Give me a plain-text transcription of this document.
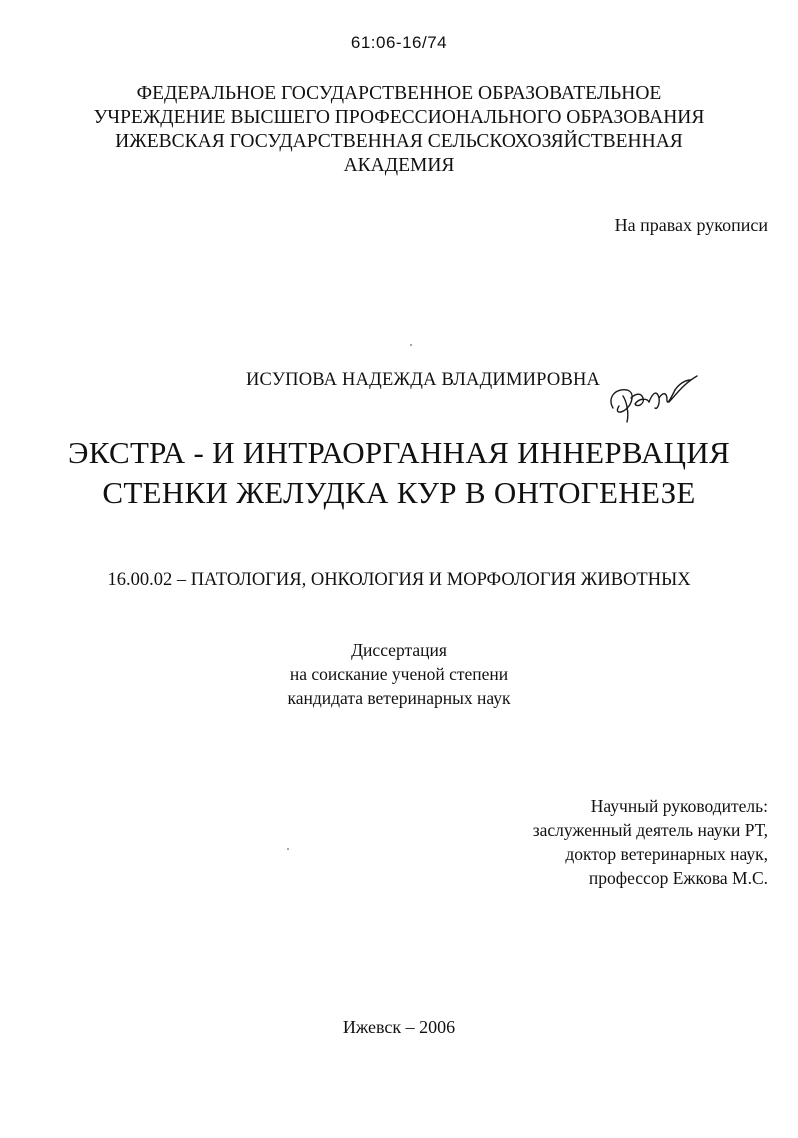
61:06-16/74
ФЕДЕРАЛЬНОЕ ГОСУДАРСТВЕННОЕ ОБРАЗОВАТЕЛЬНОЕ
УЧРЕЖДЕНИЕ ВЫСШЕГО ПРОФЕССИОНАЛЬНОГО ОБРАЗОВАНИЯ
ИЖЕВСКАЯ ГОСУДАРСТВЕННАЯ СЕЛЬСКОХОЗЯЙСТВЕННАЯ
АКАДЕМИЯ
На правах рукописи
ИСУПОВА НАДЕЖДА ВЛАДИМИРОВНА
ЭКСТРА - И ИНТРАОРГАННАЯ ИННЕРВАЦИЯ
СТЕНКИ ЖЕЛУДКА КУР В ОНТОГЕНЕЗЕ
16.00.02 – ПАТОЛОГИЯ, ОНКОЛОГИЯ И МОРФОЛОГИЯ ЖИВОТНЫХ
Диссертация
на соискание ученой степени
кандидата ветеринарных наук
Научный руководитель:
заслуженный деятель науки РТ,
доктор ветеринарных наук,
профессор Ежкова М.С.
Ижевск – 2006
